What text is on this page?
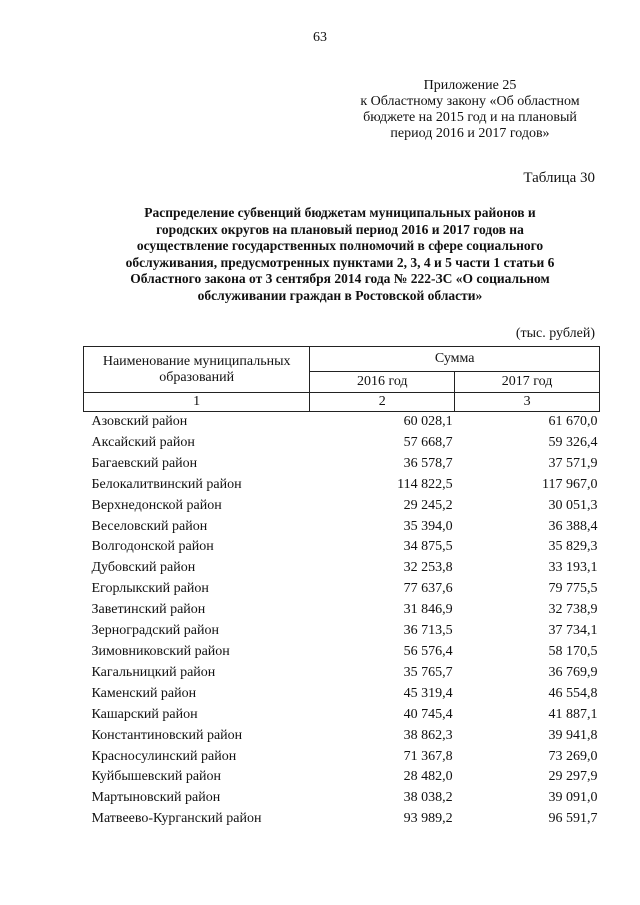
63
Приложение 25
к Областному закону «Об областном
бюджете на 2015 год и на плановый
период 2016 и 2017 годов»
Таблица 30
Распределение субвенций бюджетам муниципальных районов и
городских округов на плановый период 2016 и 2017 годов на
осуществление государственных полномочий в сфере социального
обслуживания, предусмотренных пунктами 2, 3, 4 и 5 части 1 статьи 6
Областного закона от 3 сентября 2014 года № 222-ЗС «О социальном
обслуживании граждан в Ростовской области»
(тыс. рублей)
Наименование муниципальных
образований	Сумма	
	2016 год	2017 год
1	2	3
Азовский район	60 028,1	61 670,0
Аксайский район	57 668,7	59 326,4
Багаевский район	36 578,7	37 571,9
Белокалитвинский район	114 822,5	117 967,0
Верхнедонской район	29 245,2	30 051,3
Веселовский район	35 394,0	36 388,4
Волгодонской район	34 875,5	35 829,3
Дубовский район	32 253,8	33 193,1
Егорлыкский район	77 637,6	79 775,5
Заветинский район	31 846,9	32 738,9
Зерноградский район	36 713,5	37 734,1
Зимовниковский район	56 576,4	58 170,5
Кагальницкий район	35 765,7	36 769,9
Каменский район	45 319,4	46 554,8
Кашарский район	40 745,4	41 887,1
Константиновский район	38 862,3	39 941,8
Красносулинский район	71 367,8	73 269,0
Куйбышевский район	28 482,0	29 297,9
Мартыновский район	38 038,2	39 091,0
Матвеево-Курганский район	93 989,2	96 591,7
